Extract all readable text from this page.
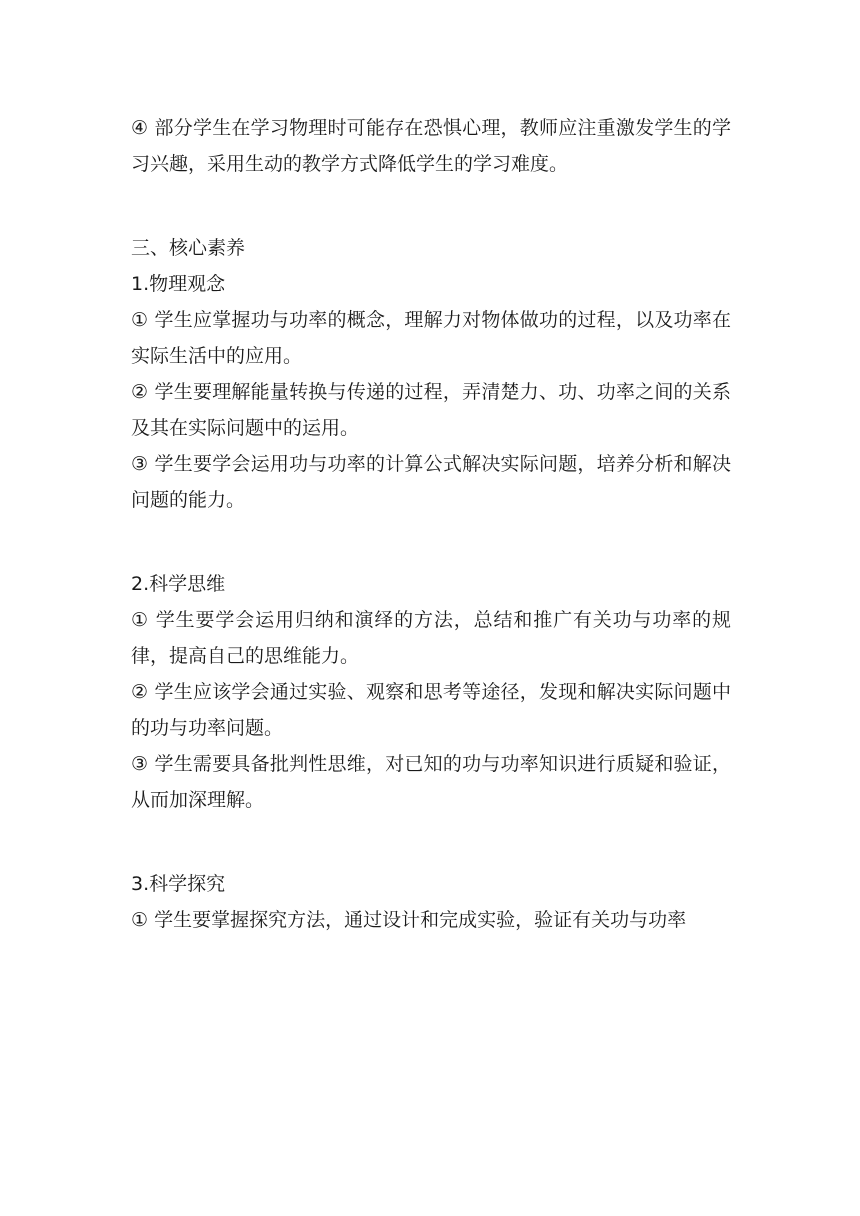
④ 部分学生在学习物理时可能存在恐惧心理，教师应注重激发学生的学习兴趣，采用生动的教学方式降低学生的学习难度。

三、核心素养

1.物理观念

① 学生应掌握功与功率的概念，理解力对物体做功的过程，以及功率在实际生活中的应用。

② 学生要理解能量转换与传递的过程，弄清楚力、功、功率之间的关系及其在实际问题中的运用。

③ 学生要学会运用功与功率的计算公式解决实际问题，培养分析和解决问题的能力。

2.科学思维

① 学生要学会运用归纳和演绎的方法，总结和推广有关功与功率的规律，提高自己的思维能力。

② 学生应该学会通过实验、观察和思考等途径，发现和解决实际问题中的功与功率问题。

③ 学生需要具备批判性思维，对已知的功与功率知识进行质疑和验证，从而加深理解。

3.科学探究

① 学生要掌握探究方法，通过设计和完成实验，验证有关功与功率
